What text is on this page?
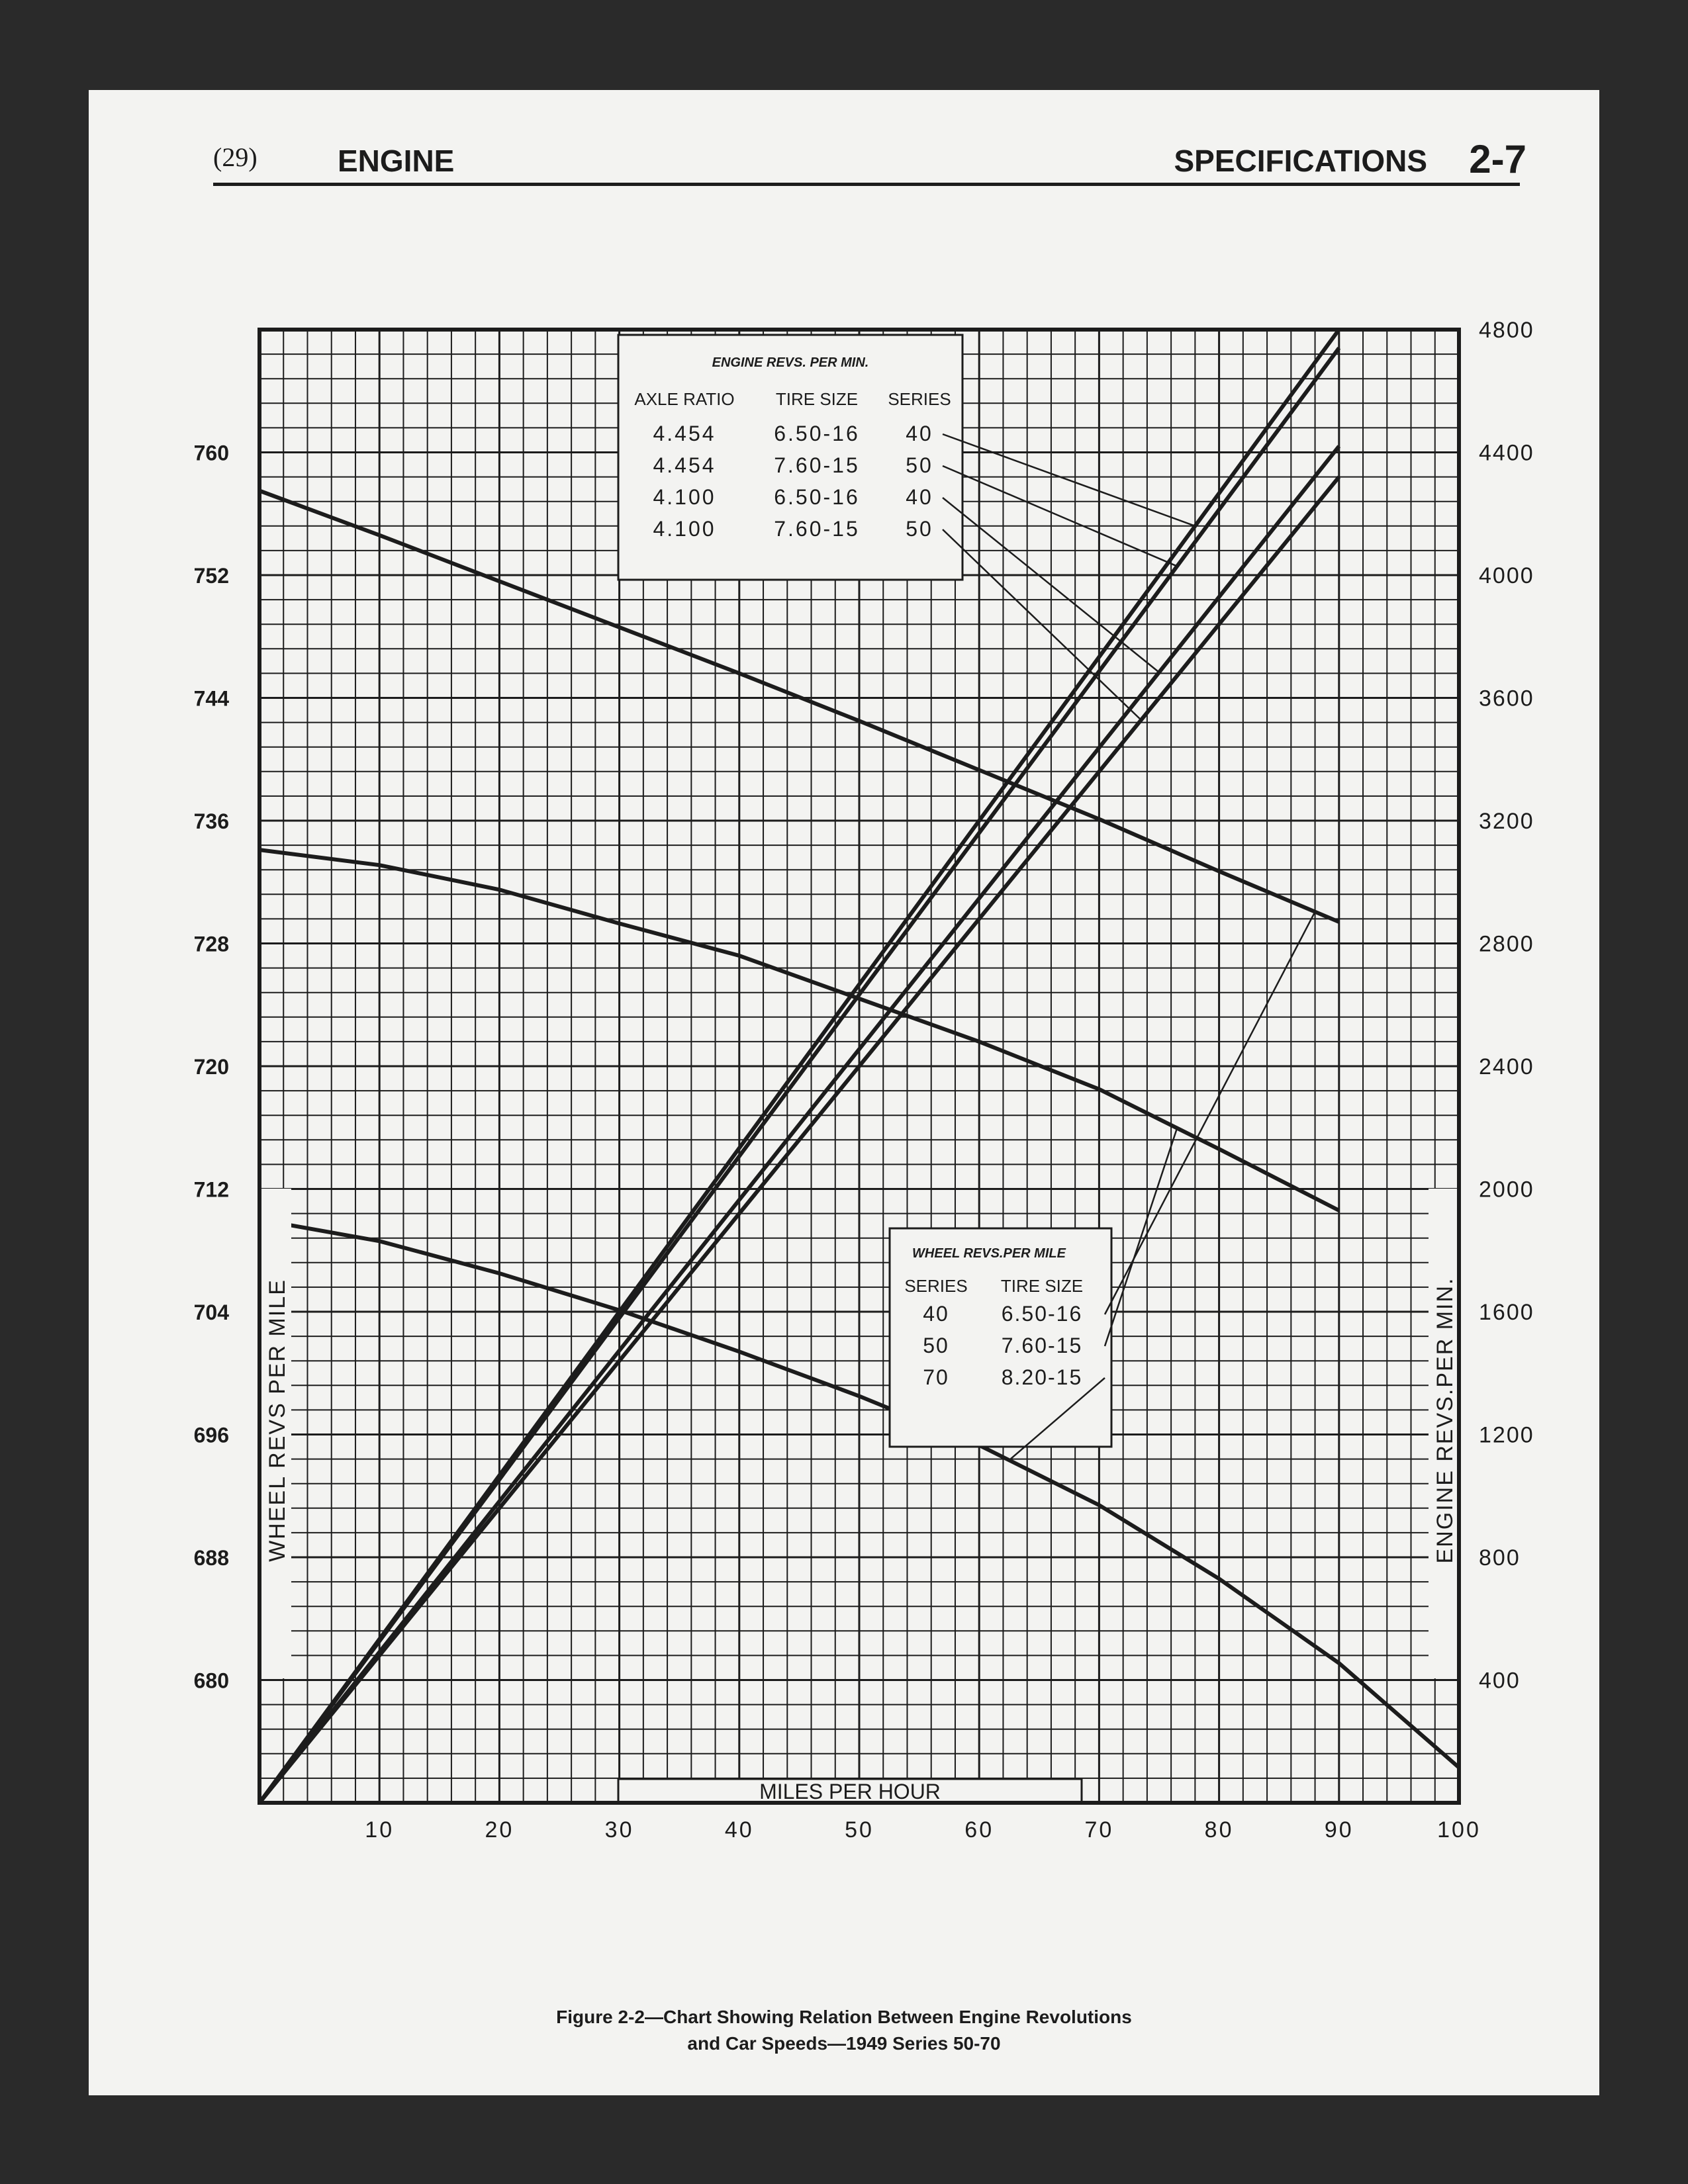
(29)	ENGINE	SPECIFICATIONS 2-7
MILES PER HOUR
WHEEL REVS PER MILE	ENGINE REVS.PER MIN.
ENGINE REVS. PER MIN.
AXLE RATIO TIRE SIZE SERIES
4.454	6.50-16 40
4.454	7.60-15 50
4.100	6.50-16 40
4.100	7.60-15 50
WHEEL REVS.PER MILE
SERIES TIRE SIZE
40 6.50-16
50 7.60-15
70 8.20-15
10	20	30	40	50	60	70	80	90	100
680
688
696
704
712
720
728
736
744
752
760
400
800
1200
1600
2000
2400
2800
3200
3600
4000
4400
4800
Figure 2-2—Chart Showing Relation Between Engine Revolutions
and Car Speeds—1949 Series 50-70
